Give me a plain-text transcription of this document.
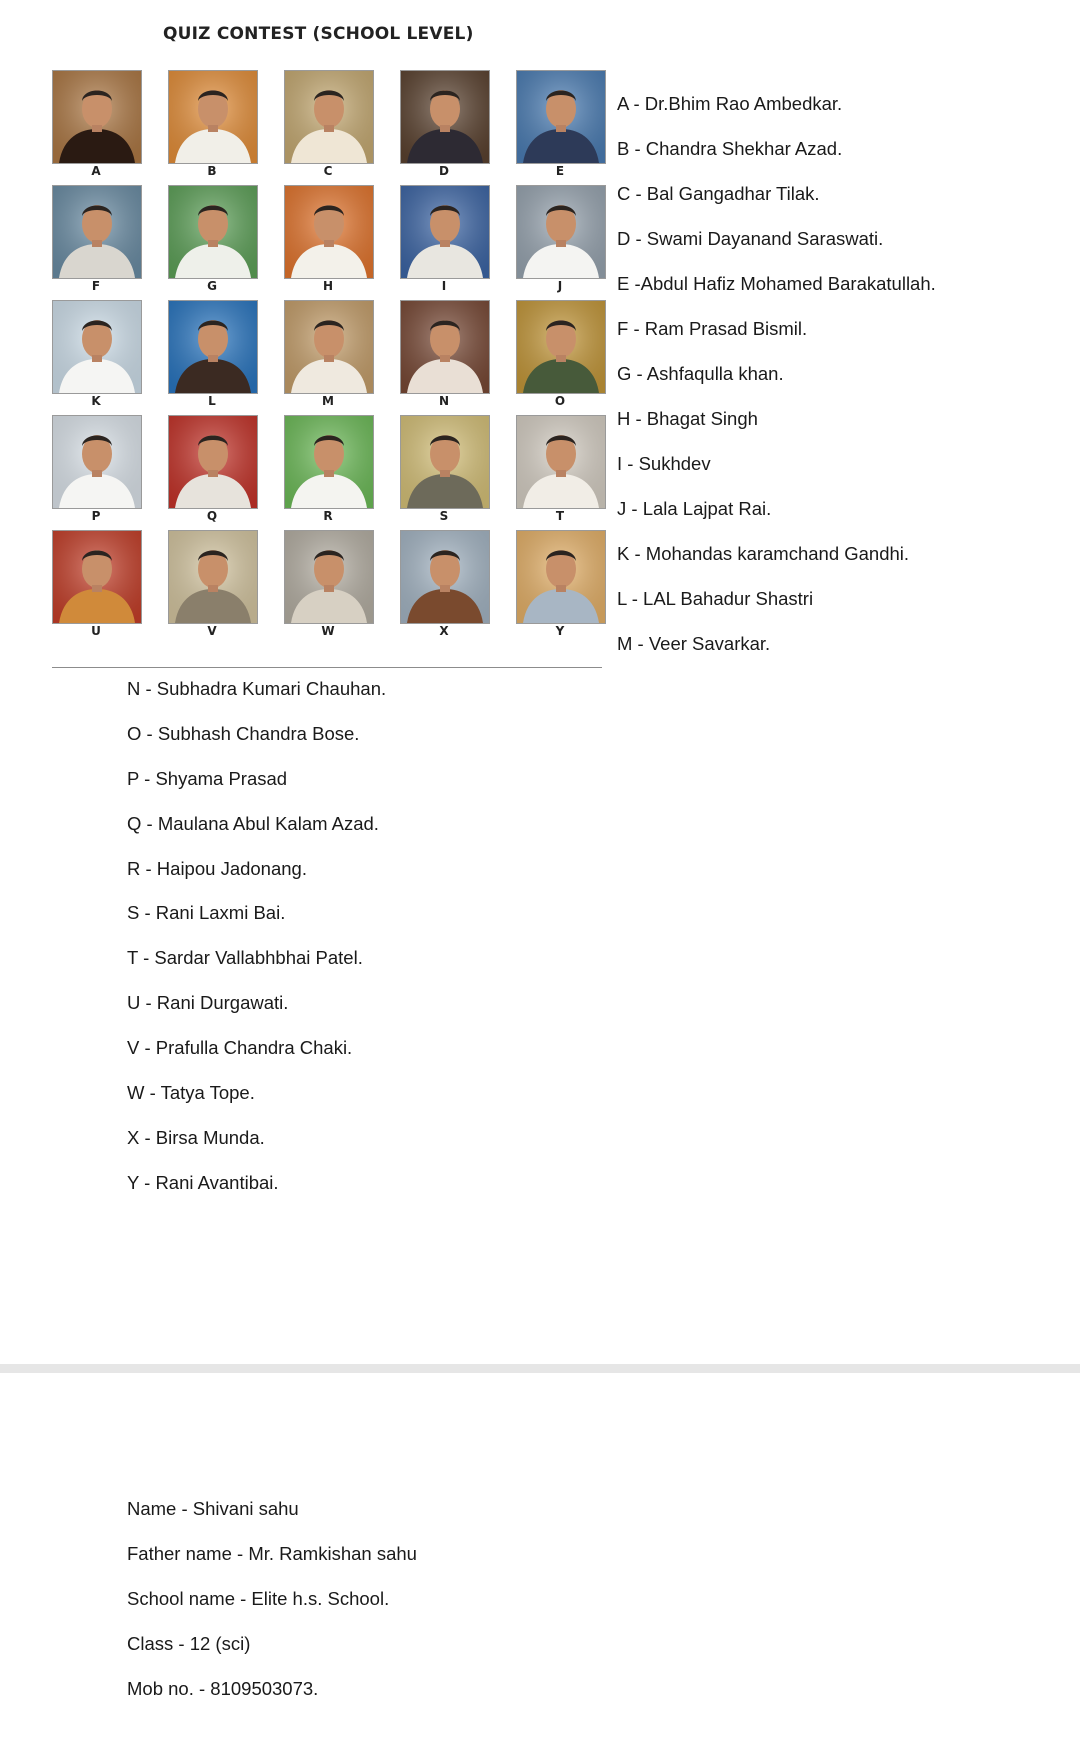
QUIZ CONTEST (SCHOOL LEVEL)
A	B	C	D	E
F	G	H	I	J
K	L	M	N	O
P	Q	R	S	T
U	V	W	X	Y
A - Dr.Bhim Rao Ambedkar.
B - Chandra Shekhar Azad.
C - Bal Gangadhar Tilak.
D - Swami Dayanand Saraswati.
E -Abdul Hafiz Mohamed Barakatullah.
F - Ram Prasad Bismil.
G - Ashfaqulla khan.
H - Bhagat Singh
I - Sukhdev
J - Lala Lajpat Rai.
K - Mohandas karamchand Gandhi.
L - LAL Bahadur Shastri
M - Veer Savarkar.
N - Subhadra Kumari Chauhan.
O - Subhash Chandra Bose.
P - Shyama Prasad
Q - Maulana Abul Kalam Azad.
R - Haipou Jadonang.
S - Rani Laxmi Bai.
T - Sardar Vallabhbhai Patel.
U - Rani Durgawati.
V - Prafulla Chandra Chaki.
W - Tatya Tope.
X - Birsa Munda.
Y - Rani Avantibai.
Name - Shivani sahu
Father name - Mr. Ramkishan sahu
School name - Elite h.s. School.
Class - 12 (sci)
Mob no. - 8109503073.
